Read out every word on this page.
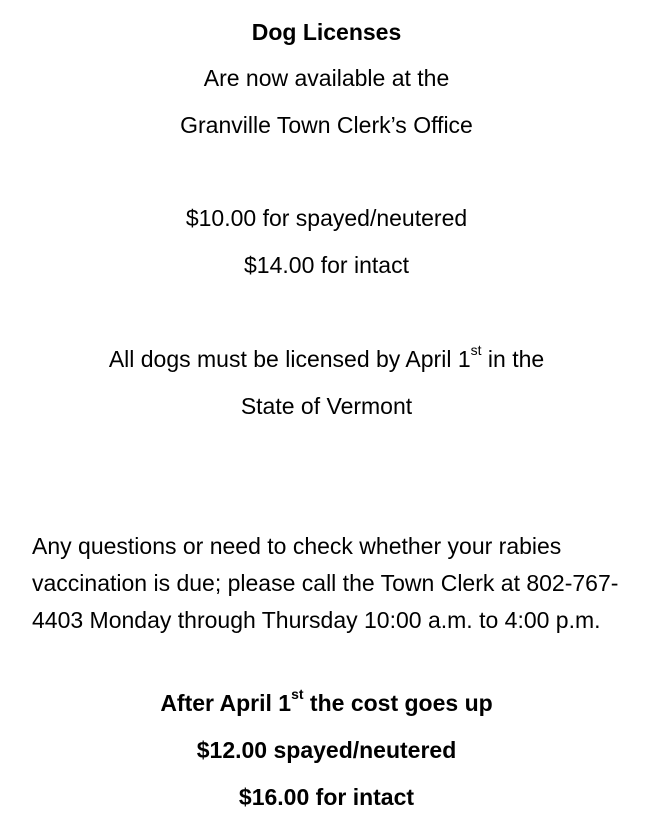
Dog Licenses
Are now available at the
Granville Town Clerk’s Office
$10.00 for spayed/neutered
$14.00 for intact
All dogs must be licensed by April 1st in the
State of Vermont
Any questions or need to check whether your rabies vaccination is due; please call the Town Clerk at 802-767-4403 Monday through Thursday 10:00 a.m. to 4:00 p.m.
After April 1st the cost goes up
$12.00 spayed/neutered
$16.00 for intact
